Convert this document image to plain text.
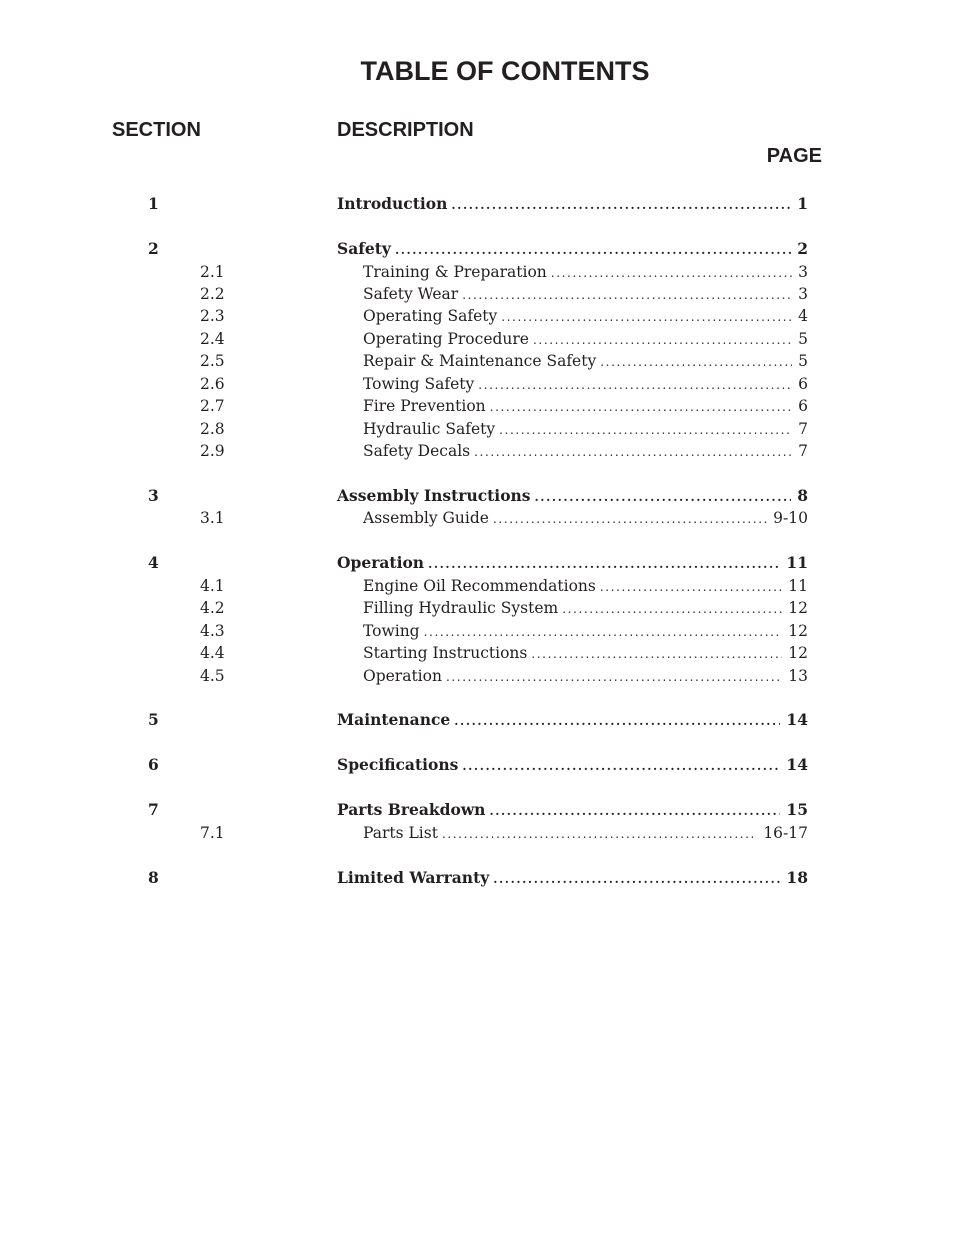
TABLE OF CONTENTS
SECTION	DESCRIPTION
PAGE
1	Introduction .....	1
2	Safety .....	2
2.1	Training & Preparation .....	3
2.2	Safety Wear .....	3
2.3	Operating Safety .....	4
2.4	Operating Procedure .....	5
2.5	Repair & Maintenance Safety .....	5
2.6	Towing Safety .....	6
2.7	Fire Prevention .....	6
2.8	Hydraulic Safety .....	7
2.9	Safety Decals .....	7
3	Assembly Instructions .....	8
3.1	Assembly Guide .....	9-10
4	Operation .....	11
4.1	Engine Oil Recommendations .....	11
4.2	Filling Hydraulic System .....	12
4.3	Towing .....	12
4.4	Starting Instructions .....	12
4.5	Operation .....	13
5	Maintenance .....	14
6	Specifications .....	14
7	Parts Breakdown .....	15
7.1	Parts List .....	16-17
8	Limited Warranty .....	18
